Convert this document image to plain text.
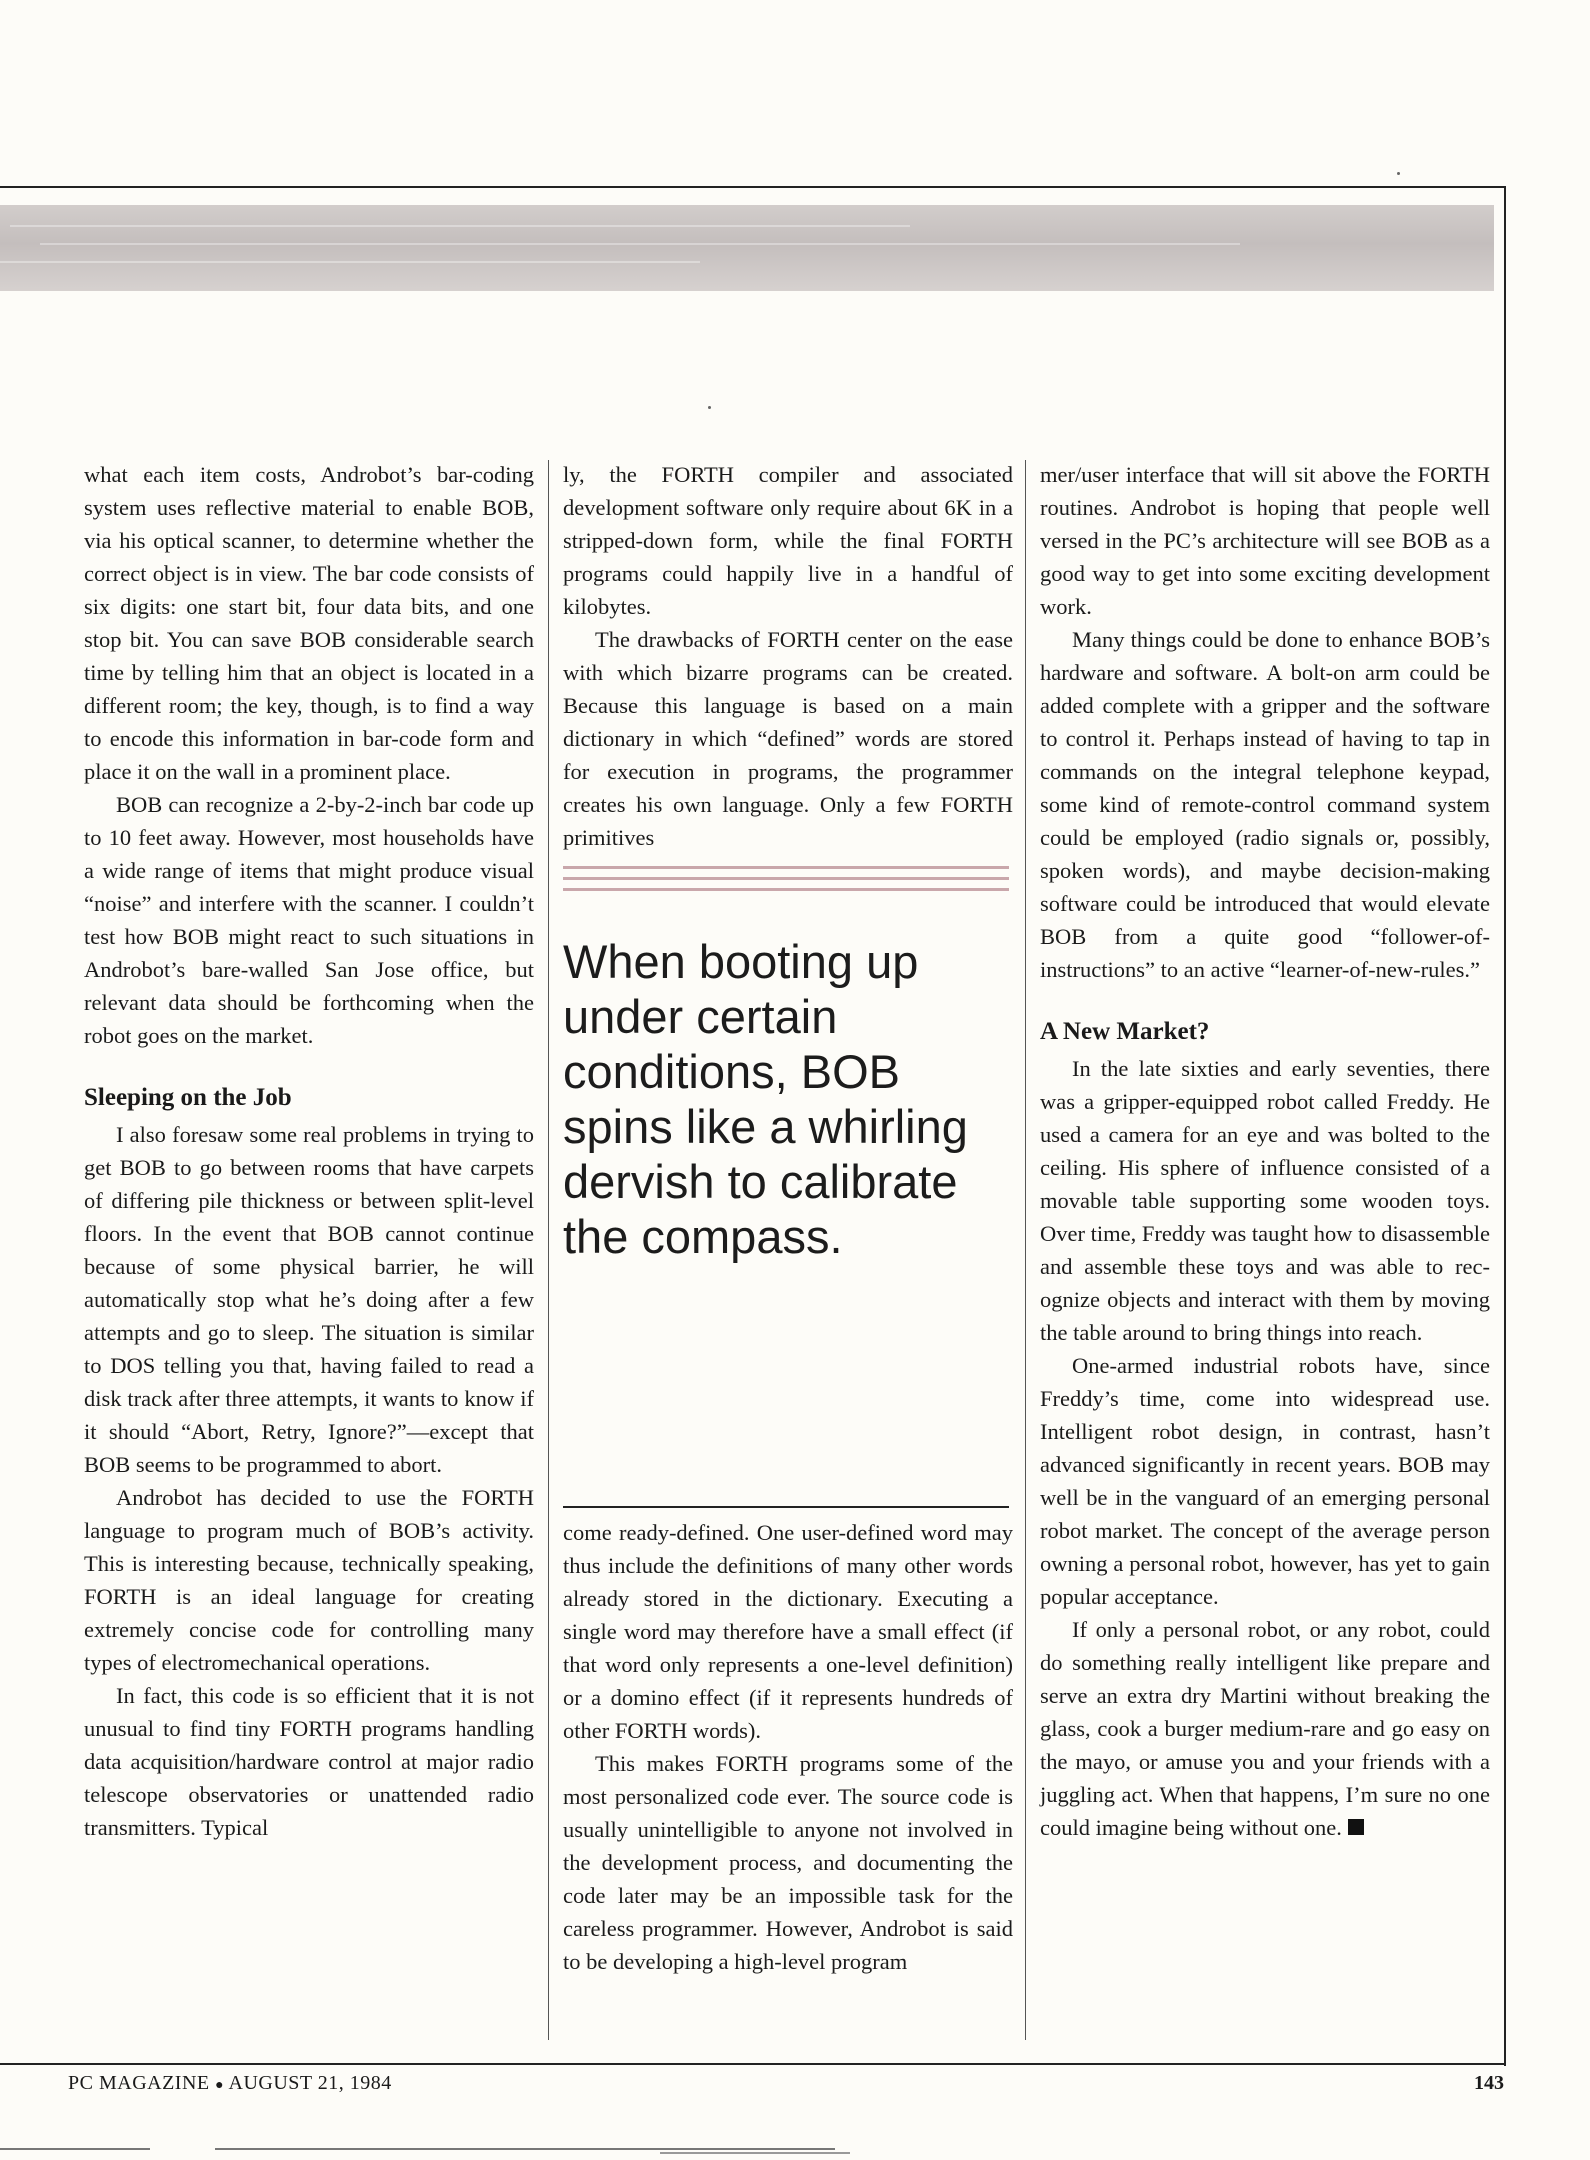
what each item costs, Androbot’s bar-coding system uses reflective material to enable BOB, via his optical scanner, to determine whether the correct object is in view. The bar code consists of six digits: one start bit, four data bits, and one stop bit. You can save BOB considerable search time by telling him that an object is located in a different room; the key, though, is to find a way to encode this information in bar-code form and place it on the wall in a prominent place.

BOB can recognize a 2-by-2-inch bar code up to 10 feet away. However, most households have a wide range of items that might produce visual “noise” and interfere with the scanner. I couldn’t test how BOB might react to such situations in Androbot’s bare-walled San Jose office, but relevant data should be forthcoming when the robot goes on the market.

Sleeping on the Job

I also foresaw some real problems in trying to get BOB to go between rooms that have carpets of differing pile thickness or between split-level floors. In the event that BOB cannot continue because of some physical barrier, he will automatically stop what he’s doing after a few attempts and go to sleep. The situation is similar to DOS telling you that, having failed to read a disk track after three attempts, it wants to know if it should “Abort, Retry, Ignore?”—except that BOB seems to be programmed to abort.

Androbot has decided to use the FORTH language to program much of BOB’s activity. This is interesting because, technically speaking, FORTH is an ideal language for creating extremely concise code for controlling many types of electromechanical operations.

In fact, this code is so efficient that it is not unusual to find tiny FORTH programs handling data acquisition/hardware control at major radio telescope observatories or unattended radio transmitters. Typical

ly, the FORTH compiler and associated development software only require about 6K in a stripped-down form, while the final FORTH programs could happily live in a handful of kilobytes.

The drawbacks of FORTH center on the ease with which bizarre programs can be created. Because this language is based on a main dictionary in which “defined” words are stored for execution in programs, the programmer creates his own language. Only a few FORTH primitives

When booting up under certain conditions, BOB spins like a whirling dervish to calibrate the compass.

come ready-defined. One user-defined word may thus include the definitions of many other words already stored in the dictionary. Executing a single word may therefore have a small effect (if that word only represents a one-level definition) or a domino effect (if it represents hundreds of other FORTH words).

This makes FORTH programs some of the most personalized code ever. The source code is usually unintelligible to anyone not involved in the development process, and documenting the code later may be an impossible task for the careless programmer. However, Androbot is said to be developing a high-level program

mer/user interface that will sit above the FORTH routines. Androbot is hoping that people well versed in the PC’s architecture will see BOB as a good way to get into some exciting development work.

Many things could be done to enhance BOB’s hardware and software. A bolt-on arm could be added complete with a gripper and the software to control it. Perhaps instead of having to tap in commands on the integral telephone keypad, some kind of remote-control command system could be employed (radio signals or, possibly, spoken words), and maybe decision-making software could be introduced that would elevate BOB from a quite good “follower-of-instructions” to an active “learner-of-new-rules.”

A New Market?

In the late sixties and early seventies, there was a gripper-equipped robot called Freddy. He used a camera for an eye and was bolted to the ceiling. His sphere of influence consisted of a movable table supporting some wooden toys. Over time, Freddy was taught how to disassemble and assemble these toys and was able to recognize objects and interact with them by moving the table around to bring things into reach.

One-armed industrial robots have, since Freddy’s time, come into widespread use. Intelligent robot design, in contrast, hasn’t advanced significantly in recent years. BOB may well be in the vanguard of an emerging personal robot market. The concept of the average person owning a personal robot, however, has yet to gain popular acceptance.

If only a personal robot, or any robot, could do something really intelligent like prepare and serve an extra dry Martini without breaking the glass, cook a burger medium-rare and go easy on the mayo, or amuse you and your friends with a juggling act. When that happens, I’m sure no one could imagine being without one.

PC MAGAZINE ● AUGUST 21, 1984	143
